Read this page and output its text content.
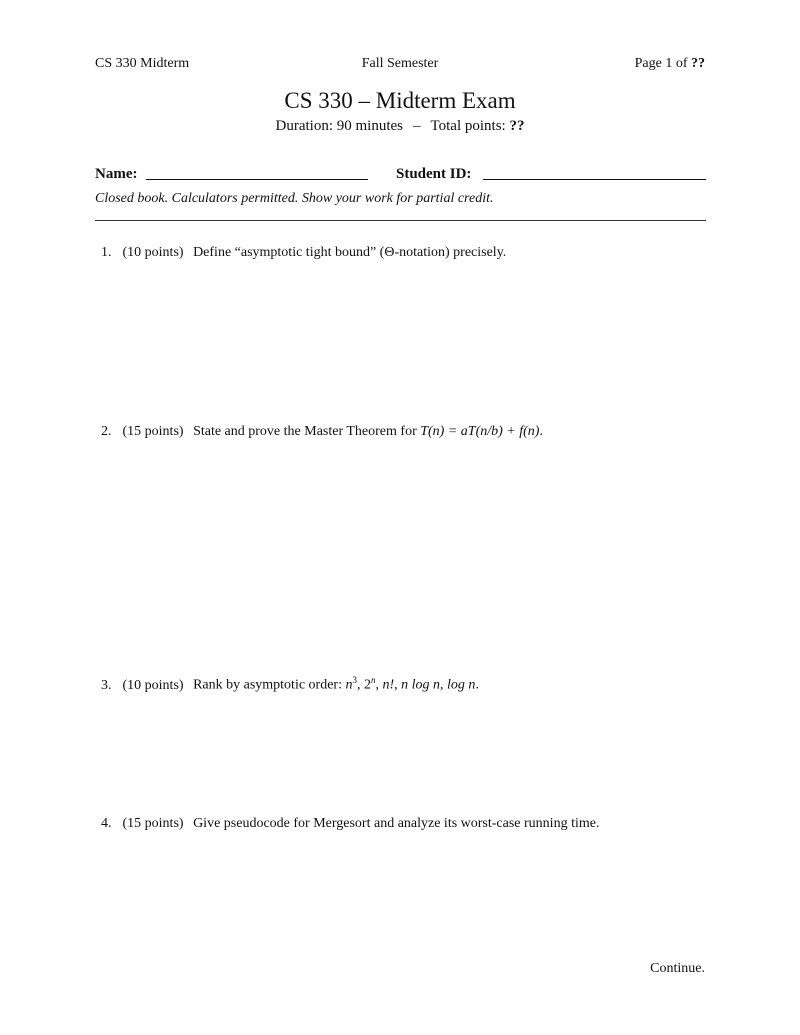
CS 330 Midterm	Fall Semester	Page 1 of ??
CS 330 – Midterm Exam
Duration: 90 minutes – Total points: ??
Name:	Student ID:
Closed book. Calculators permitted. Show your work for partial credit.
1. (10 points) Define “asymptotic tight bound” (Θ-notation) precisely.
2. (15 points) State and prove the Master Theorem for T(n) = aT(n/b) + f(n).
3. (10 points) Rank by asymptotic order: $n^3$, 2$^n$, n!, n log n, log n.
4. (15 points) Give pseudocode for Mergesort and analyze its worst-case running time.
Continue.
